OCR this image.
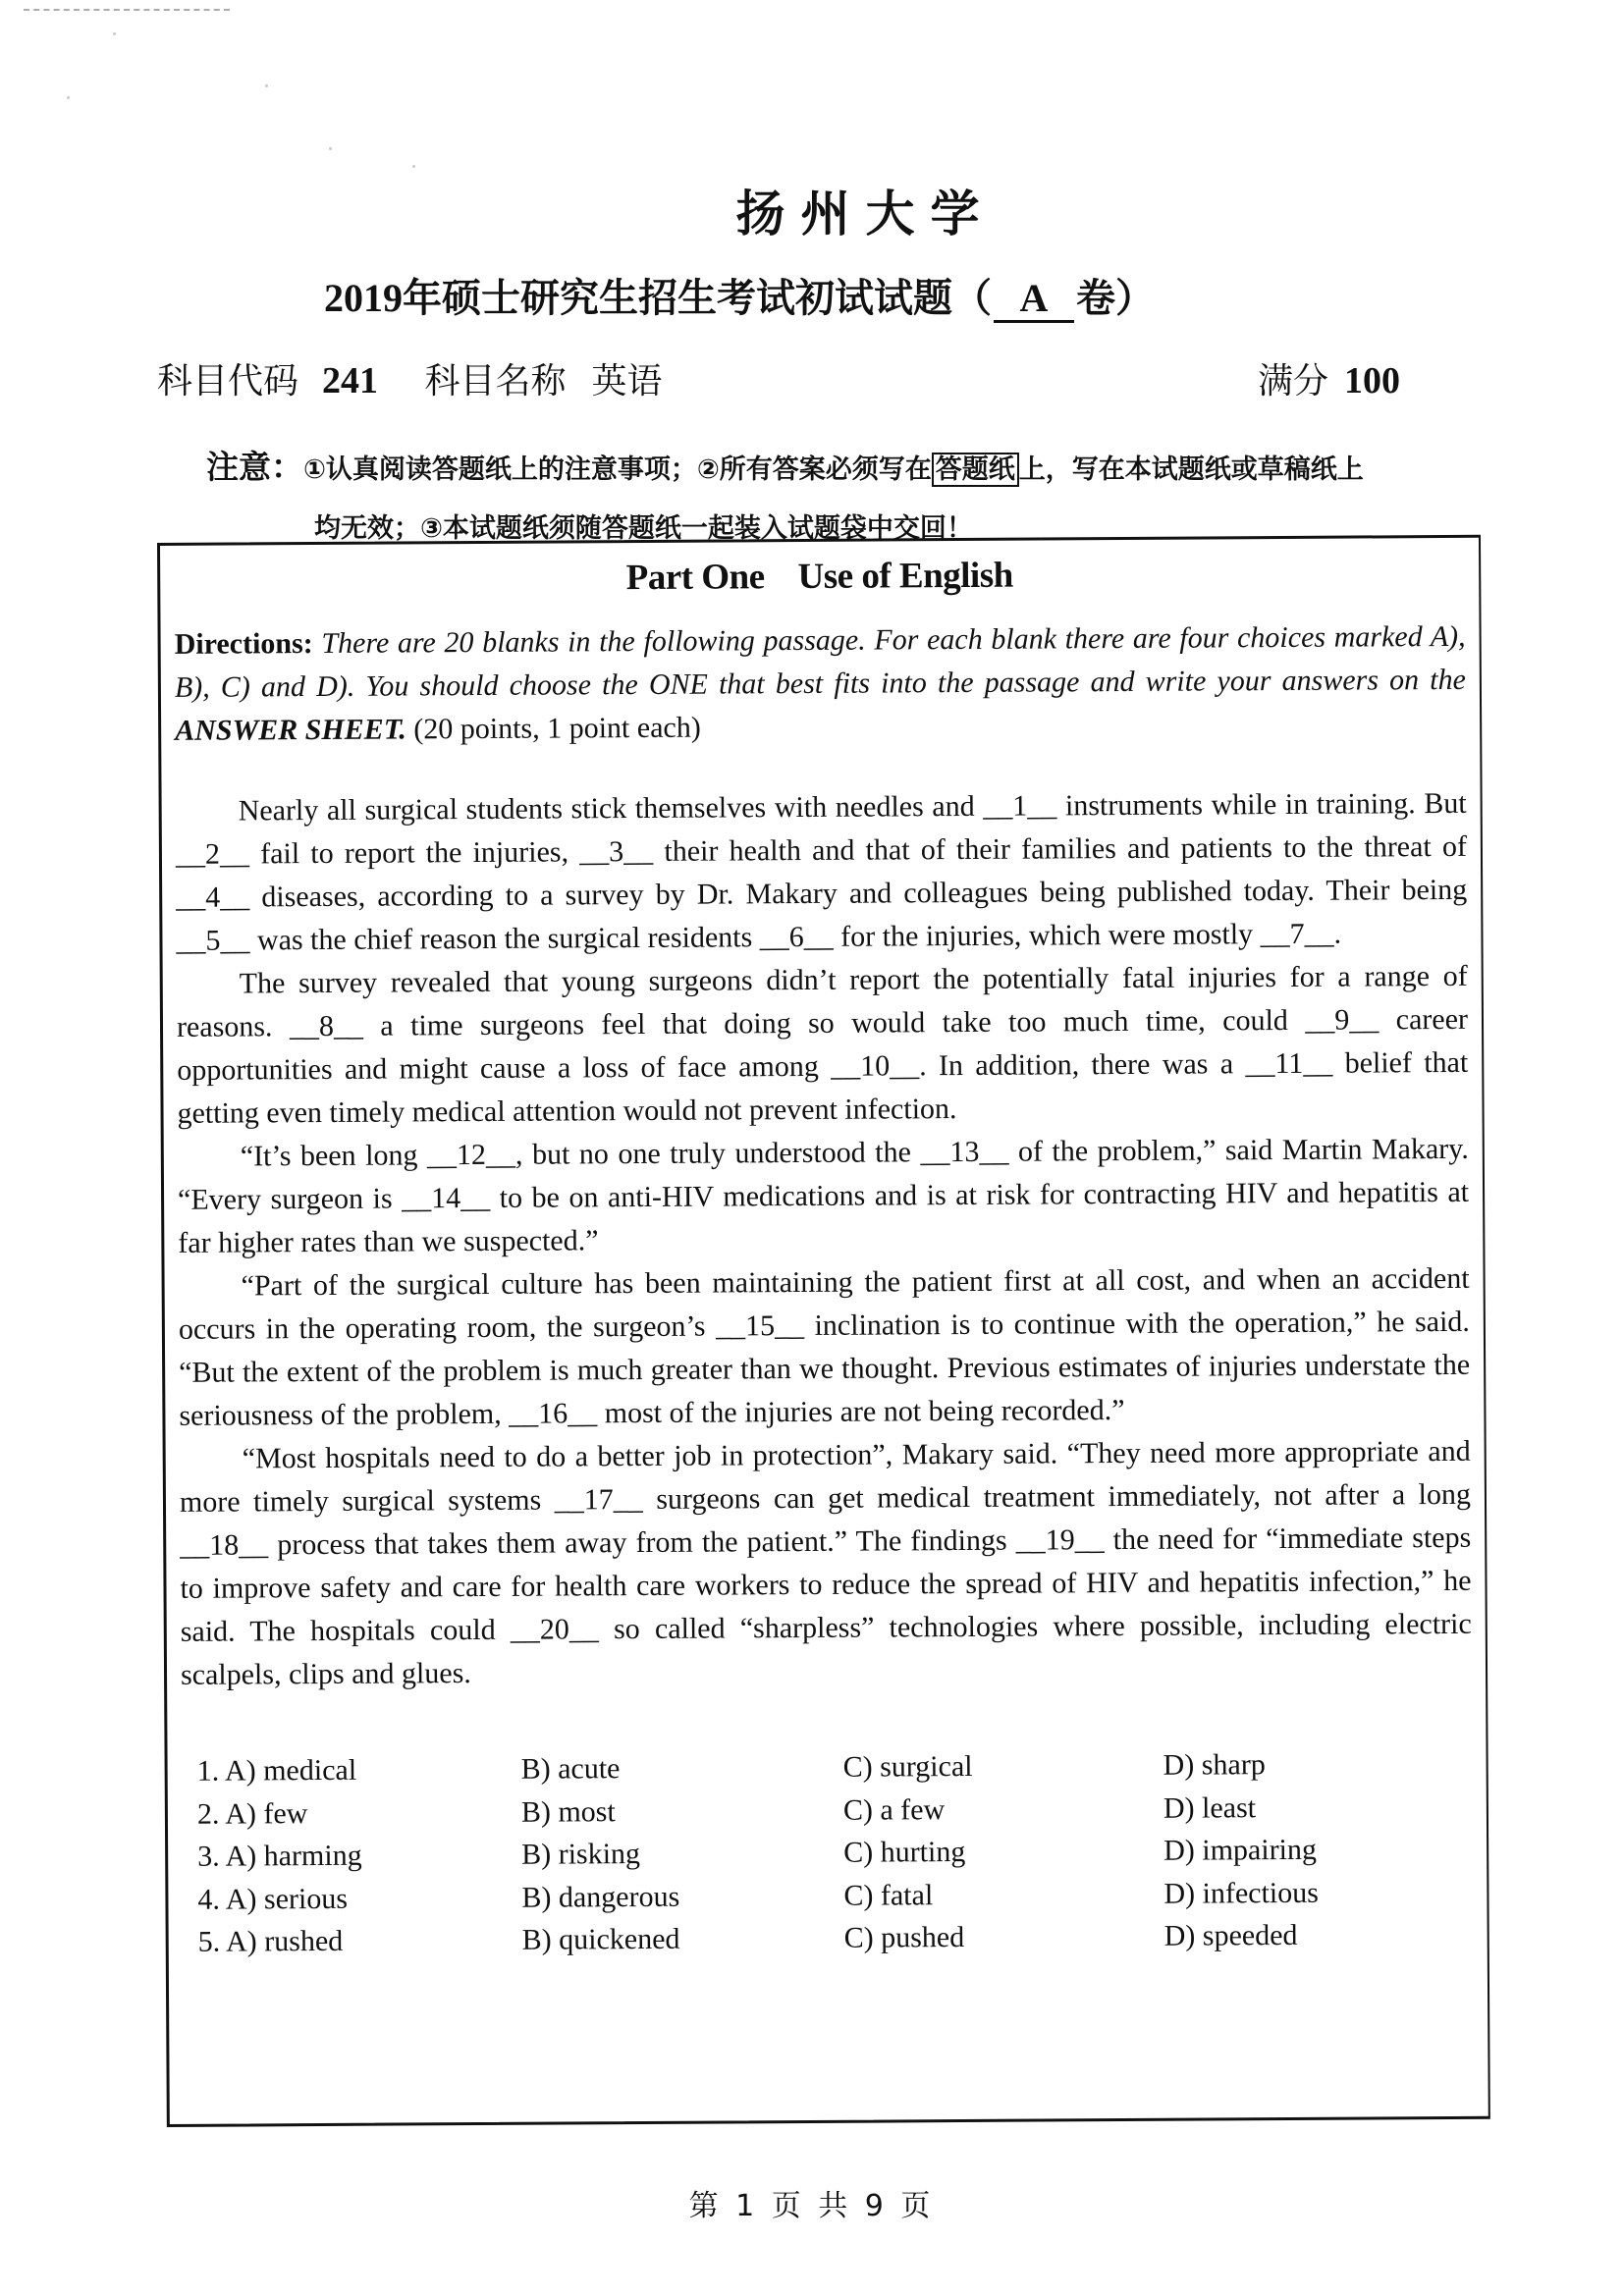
扬州大学
2019年硕士研究生招生考试初试试题（ A 卷）
科目代码 241 科目名称 英语	满分 100
注意：①认真阅读答题纸上的注意事项；②所有答案必须写在 答题纸 上，写在本试题纸或草稿纸上
均无效；③本试题纸须随答题纸一起装入试题袋中交回！
Part One Use of English
Directions: There are 20 blanks in the following passage. For each blank there are four choices marked A), B), C) and D). You should choose the ONE that best fits into the passage and write your answers on the ANSWER SHEET. (20 points, 1 point each)

Nearly all surgical students stick themselves with needles and __1__ instruments while in training. But __2__ fail to report the injuries, __3__ their health and that of their families and patients to the threat of __4__ diseases, according to a survey by Dr. Makary and colleagues being published today. Their being __5__ was the chief reason the surgical residents __6__ for the injuries, which were mostly __7__.

The survey revealed that young surgeons didn’t report the potentially fatal injuries for a range of reasons. __8__ a time surgeons feel that doing so would take too much time, could __9__ career opportunities and might cause a loss of face among __10__. In addition, there was a __11__ belief that getting even timely medical attention would not prevent infection.

“It’s been long __12__, but no one truly understood the __13__ of the problem,” said Martin Makary. “Every surgeon is __14__ to be on anti-HIV medications and is at risk for contracting HIV and hepatitis at far higher rates than we suspected.”

“Part of the surgical culture has been maintaining the patient first at all cost, and when an accident occurs in the operating room, the surgeon’s __15__ inclination is to continue with the operation,” he said. “But the extent of the problem is much greater than we thought. Previous estimates of injuries understate the seriousness of the problem, __16__ most of the injuries are not being recorded.”

“Most hospitals need to do a better job in protection”, Makary said. “They need more appropriate and more timely surgical systems __17__ surgeons can get medical treatment immediately, not after a long __18__ process that takes them away from the patient.” The findings __19__ the need for “immediate steps to improve safety and care for health care workers to reduce the spread of HIV and hepatitis infection,” he said. The hospitals could __20__ so called “sharpless” technologies where possible, including electric scalpels, clips and glues.

1. A) medical	B) acute	C) surgical	D) sharp
2. A) few	B) most	C) a few	D) least
3. A) harming	B) risking	C) hurting	D) impairing
4. A) serious	B) dangerous	C) fatal	D) infectious
5. A) rushed	B) quickened	C) pushed	D) speeded
第 1 页 共 9 页
